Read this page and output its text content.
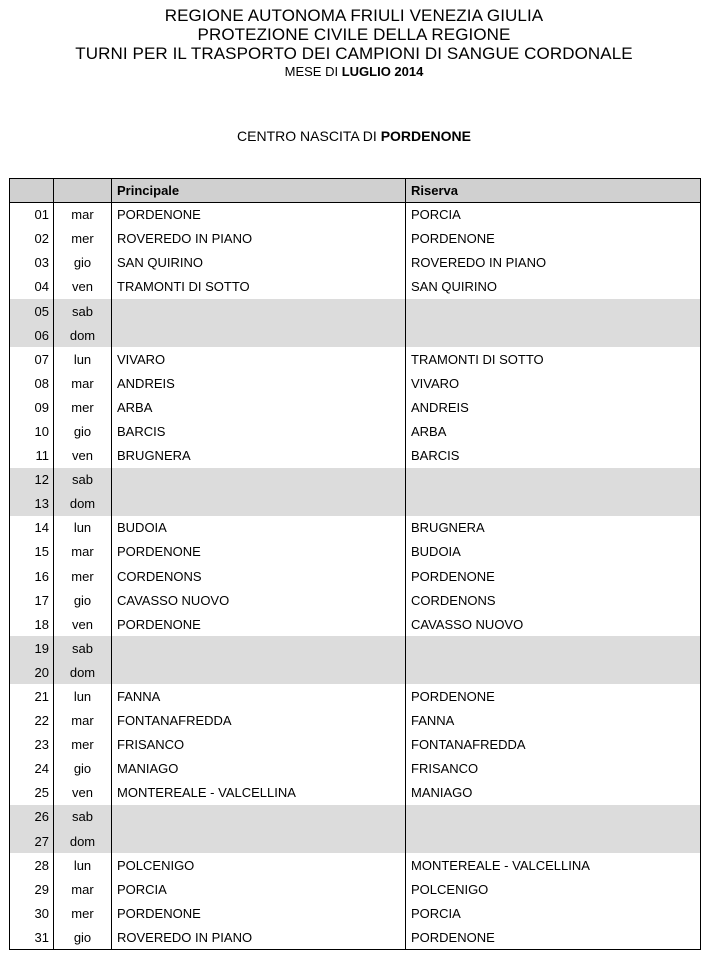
REGIONE AUTONOMA FRIULI VENEZIA GIULIA
PROTEZIONE CIVILE DELLA REGIONE
TURNI PER IL TRASPORTO DEI CAMPIONI DI SANGUE CORDONALE
MESE DI LUGLIO 2014
CENTRO NASCITA DI PORDENONE
		Principale	Riserva
01	mar	PORDENONE	PORCIA
02	mer	ROVEREDO IN PIANO	PORDENONE
03	gio	SAN QUIRINO	ROVEREDO IN PIANO
04	ven	TRAMONTI DI SOTTO	SAN QUIRINO
05	sab		
06	dom		
07	lun	VIVARO	TRAMONTI DI SOTTO
08	mar	ANDREIS	VIVARO
09	mer	ARBA	ANDREIS
10	gio	BARCIS	ARBA
11	ven	BRUGNERA	BARCIS
12	sab		
13	dom		
14	lun	BUDOIA	BRUGNERA
15	mar	PORDENONE	BUDOIA
16	mer	CORDENONS	PORDENONE
17	gio	CAVASSO NUOVO	CORDENONS
18	ven	PORDENONE	CAVASSO NUOVO
19	sab		
20	dom		
21	lun	FANNA	PORDENONE
22	mar	FONTANAFREDDA	FANNA
23	mer	FRISANCO	FONTANAFREDDA
24	gio	MANIAGO	FRISANCO
25	ven	MONTEREALE - VALCELLINA	MANIAGO
26	sab		
27	dom		
28	lun	POLCENIGO	MONTEREALE - VALCELLINA
29	mar	PORCIA	POLCENIGO
30	mer	PORDENONE	PORCIA
31	gio	ROVEREDO IN PIANO	PORDENONE
